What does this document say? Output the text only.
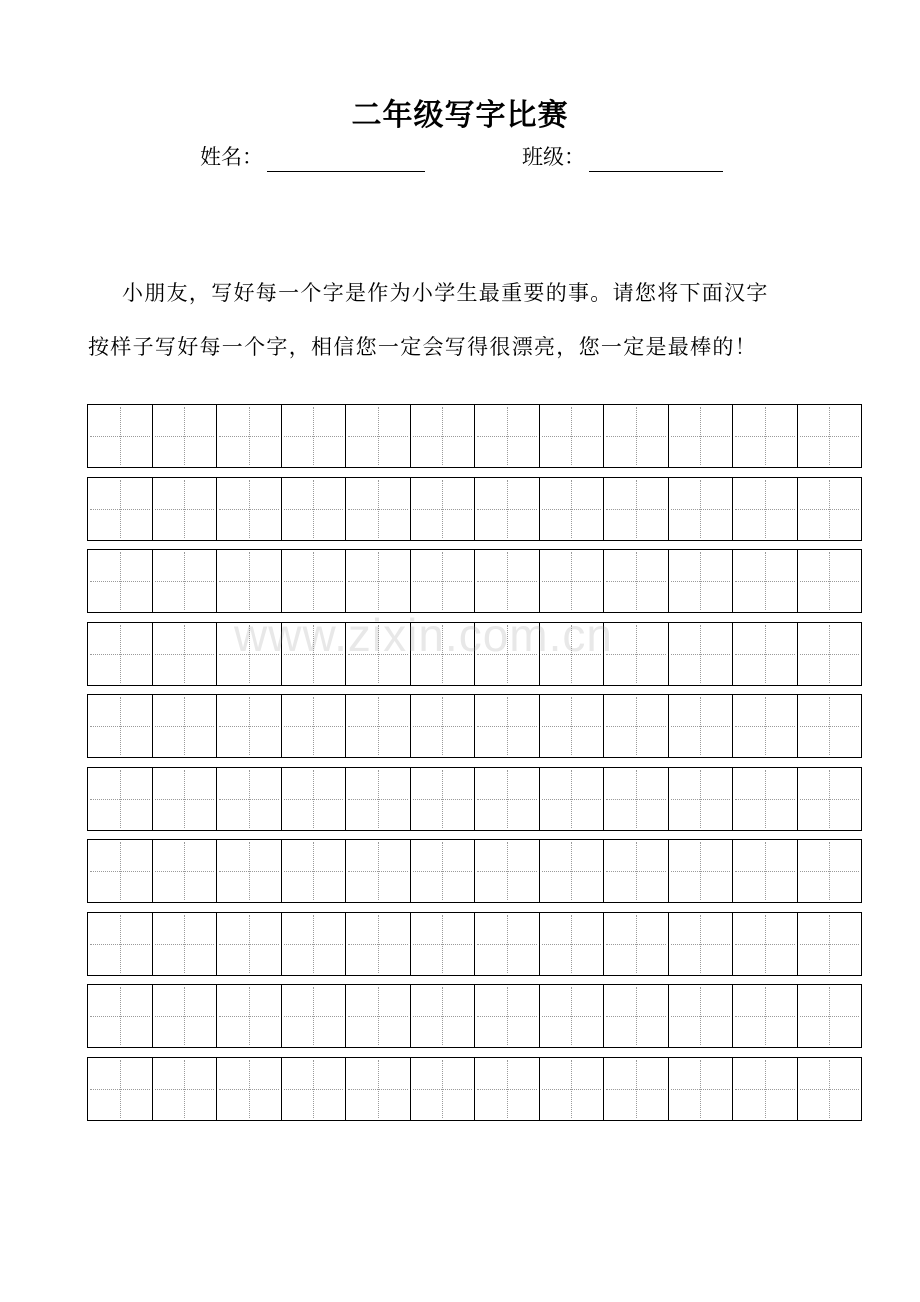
二年级写字比赛
姓名：	班级：

小朋友，写好每一个字是作为小学生最重要的事。请您将下面汉字

按样子写好每一个字，相信您一定会写得很漂亮，您一定是最棒的！

www.zixin.com.cn
